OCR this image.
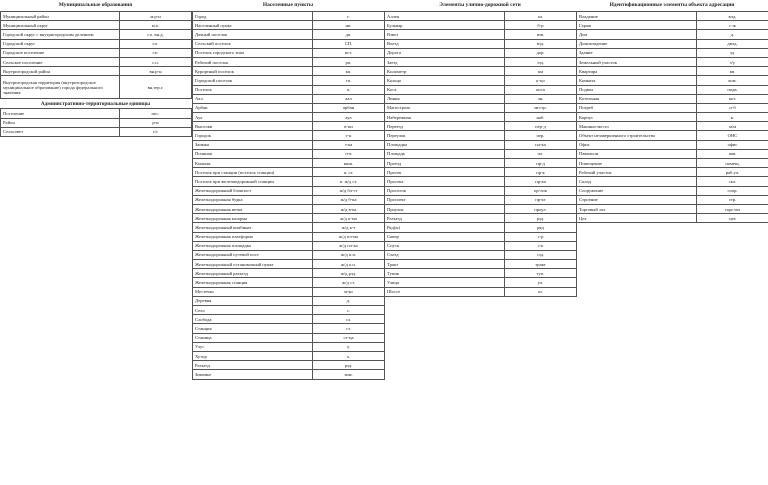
Муниципальные образования
Муниципальный район	м.р-н
Муниципальный округ	м.о.
Городской округ с внутригородским делением	г.о. вн.д.
Городской округ	г.о.
Городское поселение	г.п.
Сельское поселение	с.п.
Внутригородской район	вн.р-н
Внутригородская территория (внутригородское муниципальное образование) города федерального значения	вн.тер.г.
Административно-территориальные единицы
Поселение	пос.
Район	р-н
Сельсовет	с/с
Населенные пункты
Город	г.
Населенный пункт	нп.
Дачный поселок	дп.
Сельский поселок	СП.
Поселок городского типа	пгт.
Рабочий поселок	рп.
Курортный поселок	кп.
Городской поселок	гп.
Поселок	п.
Аал	аал
Арбан	арбан
Аул	аул
Выселки	в-ки
Городок	г-к
Заимка	з-ка
Починок	п-к
Кишлак	киш.
Поселок при станции (поселок станции)	п. ст.
Поселок при железнодорожной станции	п. ж/д ст.
Железнодорожный блокпост	ж/д бл-ст
Железнодорожная будка	ж/д б-ка
Железнодорожная ветка	ж/д в-ка
Железнодорожная казарма	ж/д к-ма
Железнодорожный комбинат	ж/д к-т
Железнодорожная платформа	ж/д пл-ма
Железнодорожная площадка	ж/д пл-ка
Железнодорожный путевой пост	ж/д п.п.
Железнодорожный остановочный пункт	ж/д о.п.
Железнодорожный разъезд	ж/д рзд.
Железнодорожная станция	ж/д ст.
Местечко	м-ко
Деревня	д.
Село	с.
Слобода	сл.
Станция	ст.
Станица	ст-ца
Улус	у.
Хутор	х.
Разъезд	рзд.
Зимовье	зим.
Элементы улично-дорожной сети
Аллея	ал.
Бульвар	б-р
Взвоз	взв.
Въезд	взд.
Дорога	дор.
Заезд	ззд.
Километр	км
Кольцо	к-цо
Коса	коса
Линия	лн.
Магистраль	мгстр.
Набережная	наб.
Переезд	пер-д
Переулок	пер.
Площадка	пл-ка
Площадь	пл.
Проезд	пр-д
Просек	пр-к
Просека	пр-ка
Проселок	пр-лок
Проспект	пр-кт
Проулок	проул.
Разъезд	рзд.
Ряд(ы)	ряд
Сквер	с-р
Спуск	с-к
Съезд	сзд.
Тракт	тракт
Тупик	туп.
Улица	ул.
Шоссе	ш.
Идентификационные элементы объекта адресации
Владение	влд.
Гараж	г-ж
Дом	д.
Домовладение	двлд.
Здание	зд.
Земельный участок	з/у
Квартира	кв.
Комната	ком.
Подвал	подв.
Котельная	кот.
Погреб	п-б
Корпус	к.
Машино-место	м/м
Объект незавершенного строительства	ОНС
Офис	офис
Павильон	пав.
Помещение	помещ.
Рабочий участок	раб.уч.
Склад	скл.
Сооружение	coop.
Строение	стр.
Торговый зал	торг.зал
Цех	цех
